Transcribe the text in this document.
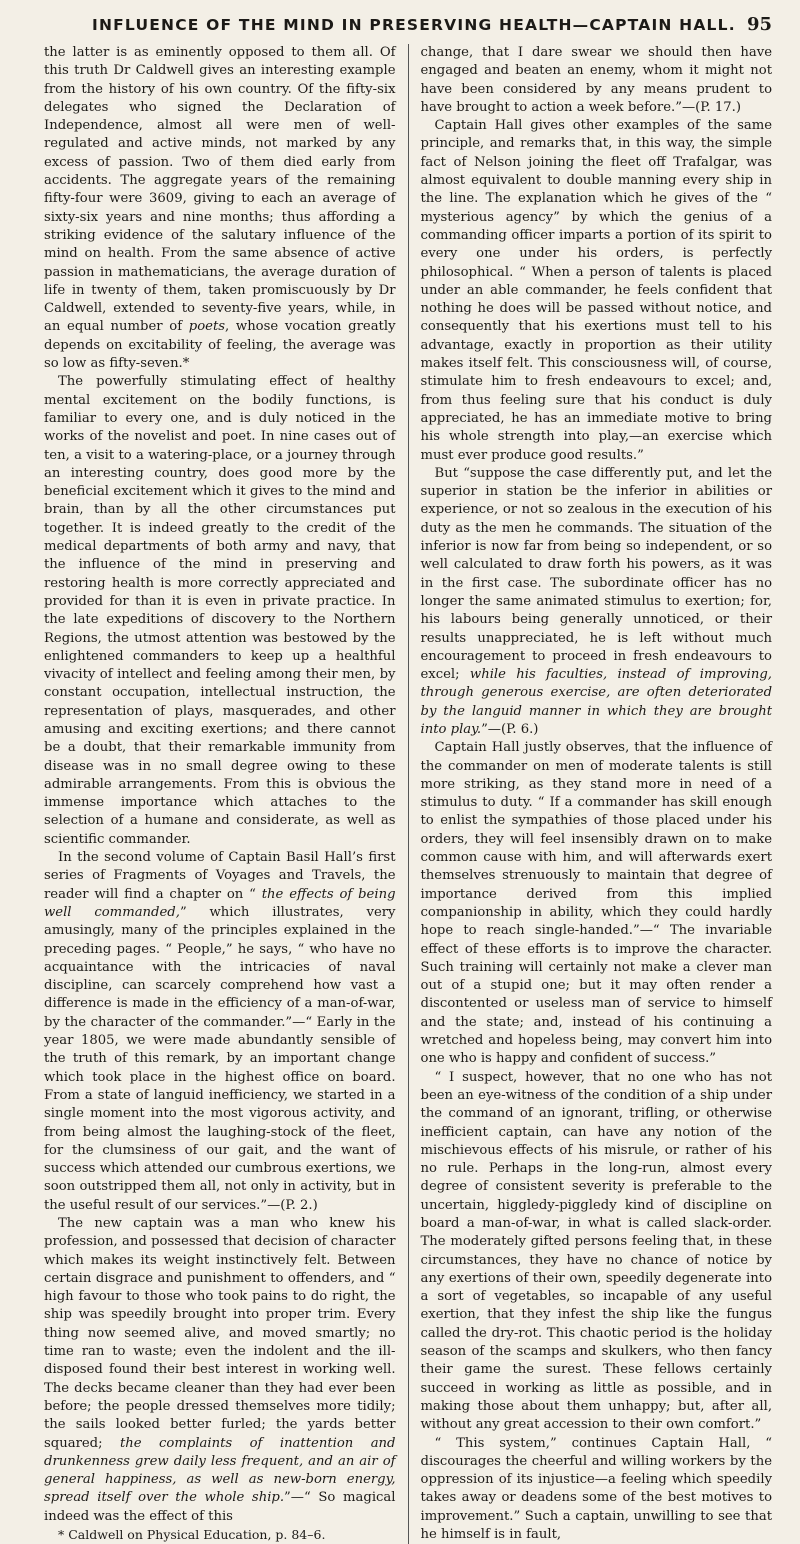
INFLUENCE OF THE MIND IN PRESERVING HEALTH—CAPTAIN HALL. 95

the latter is as eminently opposed to them all. Of this truth Dr Caldwell gives an interesting example from the history of his own country. Of the fifty-six delegates who signed the Declaration of Independence, almost all were men of well-regulated and active minds, not marked by any excess of passion. Two of them died early from accidents. The aggregate years of the remaining fifty-four were 3609, giving to each an average of sixty-six years and nine months; thus affording a striking evidence of the salutary influence of the mind on health. From the same absence of active passion in mathematicians, the average duration of life in twenty of them, taken promiscuously by Dr Caldwell, extended to seventy-five years, while, in an equal number of poets, whose vocation greatly depends on excitability of feeling, the average was so low as fifty-seven.*

The powerfully stimulating effect of healthy mental excitement on the bodily functions, is familiar to every one, and is duly noticed in the works of the novelist and poet. In nine cases out of ten, a visit to a watering-place, or a journey through an interesting country, does good more by the beneficial excitement which it gives to the mind and brain, than by all the other circumstances put together. It is indeed greatly to the credit of the medical departments of both army and navy, that the influence of the mind in preserving and restoring health is more correctly appreciated and provided for than it is even in private practice. In the late expeditions of discovery to the Northern Regions, the utmost attention was bestowed by the enlightened commanders to keep up a healthful vivacity of intellect and feeling among their men, by constant occupation, intellectual instruction, the representation of plays, masquerades, and other amusing and exciting exertions; and there cannot be a doubt, that their remarkable immunity from disease was in no small degree owing to these admirable arrangements. From this is obvious the immense importance which attaches to the selection of a humane and considerate, as well as scientific commander.

In the second volume of Captain Basil Hall’s first series of Fragments of Voyages and Travels, the reader will find a chapter on “ the effects of being well commanded,” which illustrates, very amusingly, many of the principles explained in the preceding pages. “ People,” he says, “ who have no acquaintance with the intricacies of naval discipline, can scarcely comprehend how vast a difference is made in the efficiency of a man-of-war, by the character of the commander.”—“ Early in the year 1805, we were made abundantly sensible of the truth of this remark, by an important change which took place in the highest office on board. From a state of languid inefficiency, we started in a single moment into the most vigorous activity, and from being almost the laughing-stock of the fleet, for the clumsiness of our gait, and the want of success which attended our cumbrous exertions, we soon outstripped them all, not only in activity, but in the useful result of our services.”—(P. 2.)

The new captain was a man who knew his profession, and possessed that decision of character which makes its weight instinctively felt. Between certain disgrace and punishment to offenders, and “ high favour to those who took pains to do right, the ship was speedily brought into proper trim. Every thing now seemed alive, and moved smartly; no time ran to waste; even the indolent and the ill-disposed found their best interest in working well. The decks became cleaner than they had ever been before; the people dressed themselves more tidily; the sails looked better furled; the yards better squared; the complaints of inattention and drunkenness grew daily less frequent, and an air of general happiness, as well as new-born energy, spread itself over the whole ship.”—“ So magical indeed was the effect of this

* Caldwell on Physical Education, p. 84–6.

change, that I dare swear we should then have engaged and beaten an enemy, whom it might not have been considered by any means prudent to have brought to action a week before.”—(P. 17.)

Captain Hall gives other examples of the same principle, and remarks that, in this way, the simple fact of Nelson joining the fleet off Trafalgar, was almost equivalent to double manning every ship in the line. The explanation which he gives of the “ mysterious agency” by which the genius of a commanding officer imparts a portion of its spirit to every one under his orders, is perfectly philosophical. “ When a person of talents is placed under an able commander, he feels confident that nothing he does will be passed without notice, and consequently that his exertions must tell to his advantage, exactly in proportion as their utility makes itself felt. This consciousness will, of course, stimulate him to fresh endeavours to excel; and, from thus feeling sure that his conduct is duly appreciated, he has an immediate motive to bring his whole strength into play,—an exercise which must ever produce good results.”

But “suppose the case differently put, and let the superior in station be the inferior in abilities or experience, or not so zealous in the execution of his duty as the men he commands. The situation of the inferior is now far from being so independent, or so well calculated to draw forth his powers, as it was in the first case. The subordinate officer has no longer the same animated stimulus to exertion; for, his labours being generally unnoticed, or their results unappreciated, he is left without much encouragement to proceed in fresh endeavours to excel; while his faculties, instead of improving, through generous exercise, are often deteriorated by the languid manner in which they are brought into play.”—(P. 6.)

Captain Hall justly observes, that the influence of the commander on men of moderate talents is still more striking, as they stand more in need of a stimulus to duty. “ If a commander has skill enough to enlist the sympathies of those placed under his orders, they will feel insensibly drawn on to make common cause with him, and will afterwards exert themselves strenuously to maintain that degree of importance derived from this implied companionship in ability, which they could hardly hope to reach single-handed.”—“ The invariable effect of these efforts is to improve the character. Such training will certainly not make a clever man out of a stupid one; but it may often render a discontented or useless man of service to himself and the state; and, instead of his continuing a wretched and hopeless being, may convert him into one who is happy and confident of success.”

“ I suspect, however, that no one who has not been an eye-witness of the condition of a ship under the command of an ignorant, trifling, or otherwise inefficient captain, can have any notion of the mischievous effects of his misrule, or rather of his no rule. Perhaps in the long-run, almost every degree of consistent severity is preferable to the uncertain, higgledy-piggledy kind of discipline on board a man-of-war, in what is called slack-order. The moderately gifted persons feeling that, in these circumstances, they have no chance of notice by any exertions of their own, speedily degenerate into a sort of vegetables, so incapable of any useful exertion, that they infest the ship like the fungus called the dry-rot. This chaotic period is the holiday season of the scamps and skulkers, who then fancy their game the surest. These fellows certainly succeed in working as little as possible, and in making those about them unhappy; but, after all, without any great accession to their own comfort.”

“ This system,” continues Captain Hall, “ discourages the cheerful and willing workers by the oppression of its injustice—a feeling which speedily takes away or deadens some of the best motives to improvement.” Such a captain, unwilling to see that he himself is in fault,
